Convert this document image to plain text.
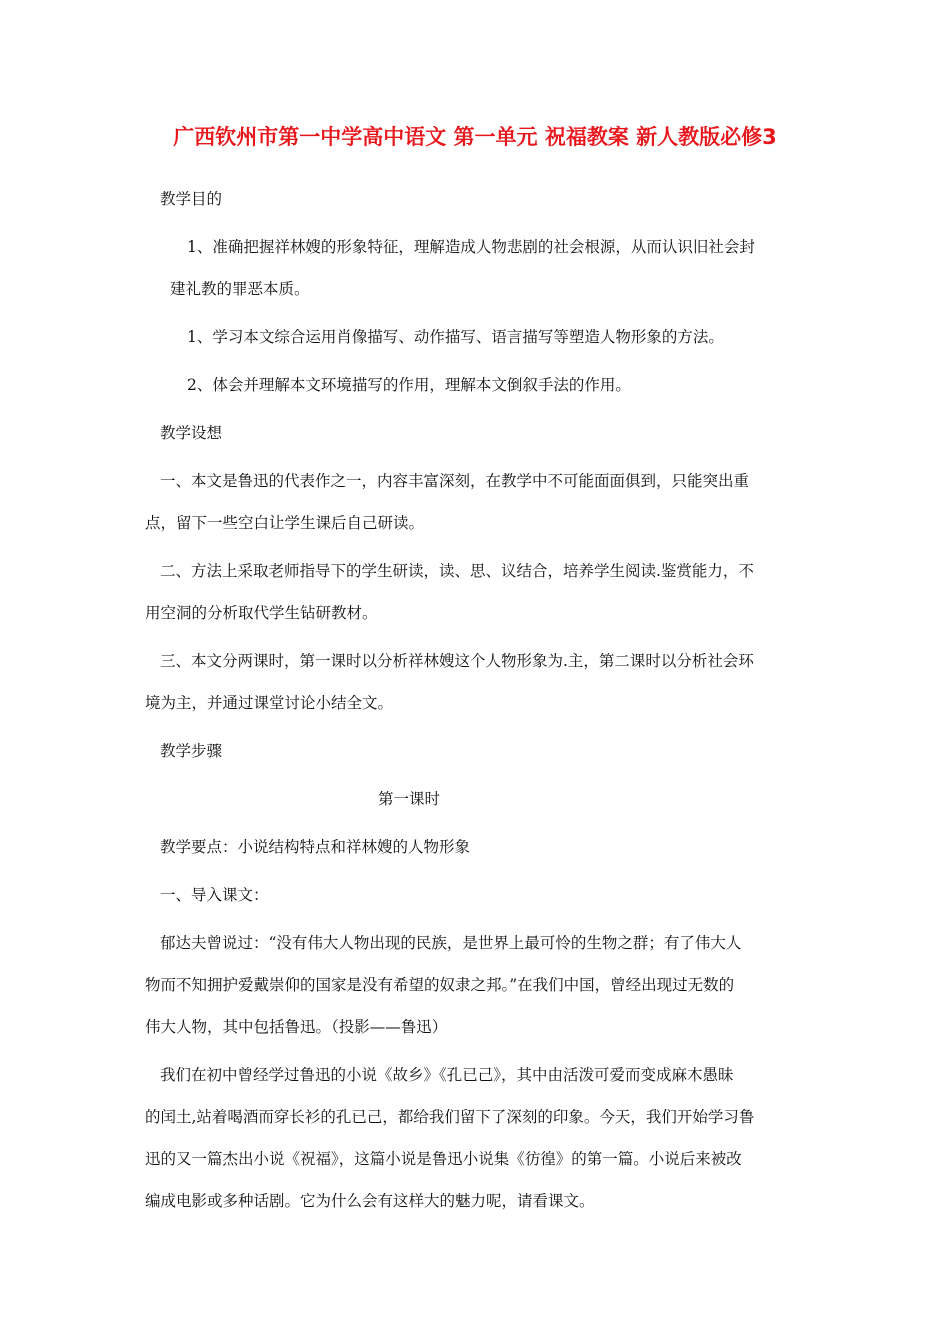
广西钦州市第一中学高中语文 第一单元 祝福教案 新人教版必修3
教学目的
1、准确把握祥林嫂的形象特征，理解造成人物悲剧的社会根源，从而认识旧社会封
建礼教的罪恶本质。
1、学习本文综合运用肖像描写、动作描写、语言描写等塑造人物形象的方法。
2、体会并理解本文环境描写的作用，理解本文倒叙手法的作用。
教学设想
一、本文是鲁迅的代表作之一，内容丰富深刻，在教学中不可能面面俱到，只能突出重
点，留下一些空白让学生课后自己研读。
二、方法上采取老师指导下的学生研读，读、思、议结合，培养学生阅读.鉴赏能力，不
用空洞的分析取代学生钻研教材。
三、本文分两课时，第一课时以分析祥林嫂这个人物形象为.主，第二课时以分析社会环
境为主，并通过课堂讨论小结全文。
教学步骤
第一课时
教学要点：小说结构特点和祥林嫂的人物形象
一、导入课文：
郁达夫曾说过：“没有伟大人物出现的民族，是世界上最可怜的生物之群；有了伟大人
物而不知拥护爱戴崇仰的国家是没有希望的奴隶之邦。”在我们中国，曾经出现过无数的
伟大人物，其中包括鲁迅。（投影——鲁迅）
我们在初中曾经学过鲁迅的小说《故乡》《孔已己》，其中由活泼可爱而变成麻木愚昧
的闰土,站着喝酒而穿长衫的孔已己，都给我们留下了深刻的印象。今天，我们开始学习鲁
迅的又一篇杰出小说《祝福》，这篇小说是鲁迅小说集《彷徨》的第一篇。小说后来被改
编成电影或多种话剧。它为什么会有这样大的魅力呢，请看课文。
